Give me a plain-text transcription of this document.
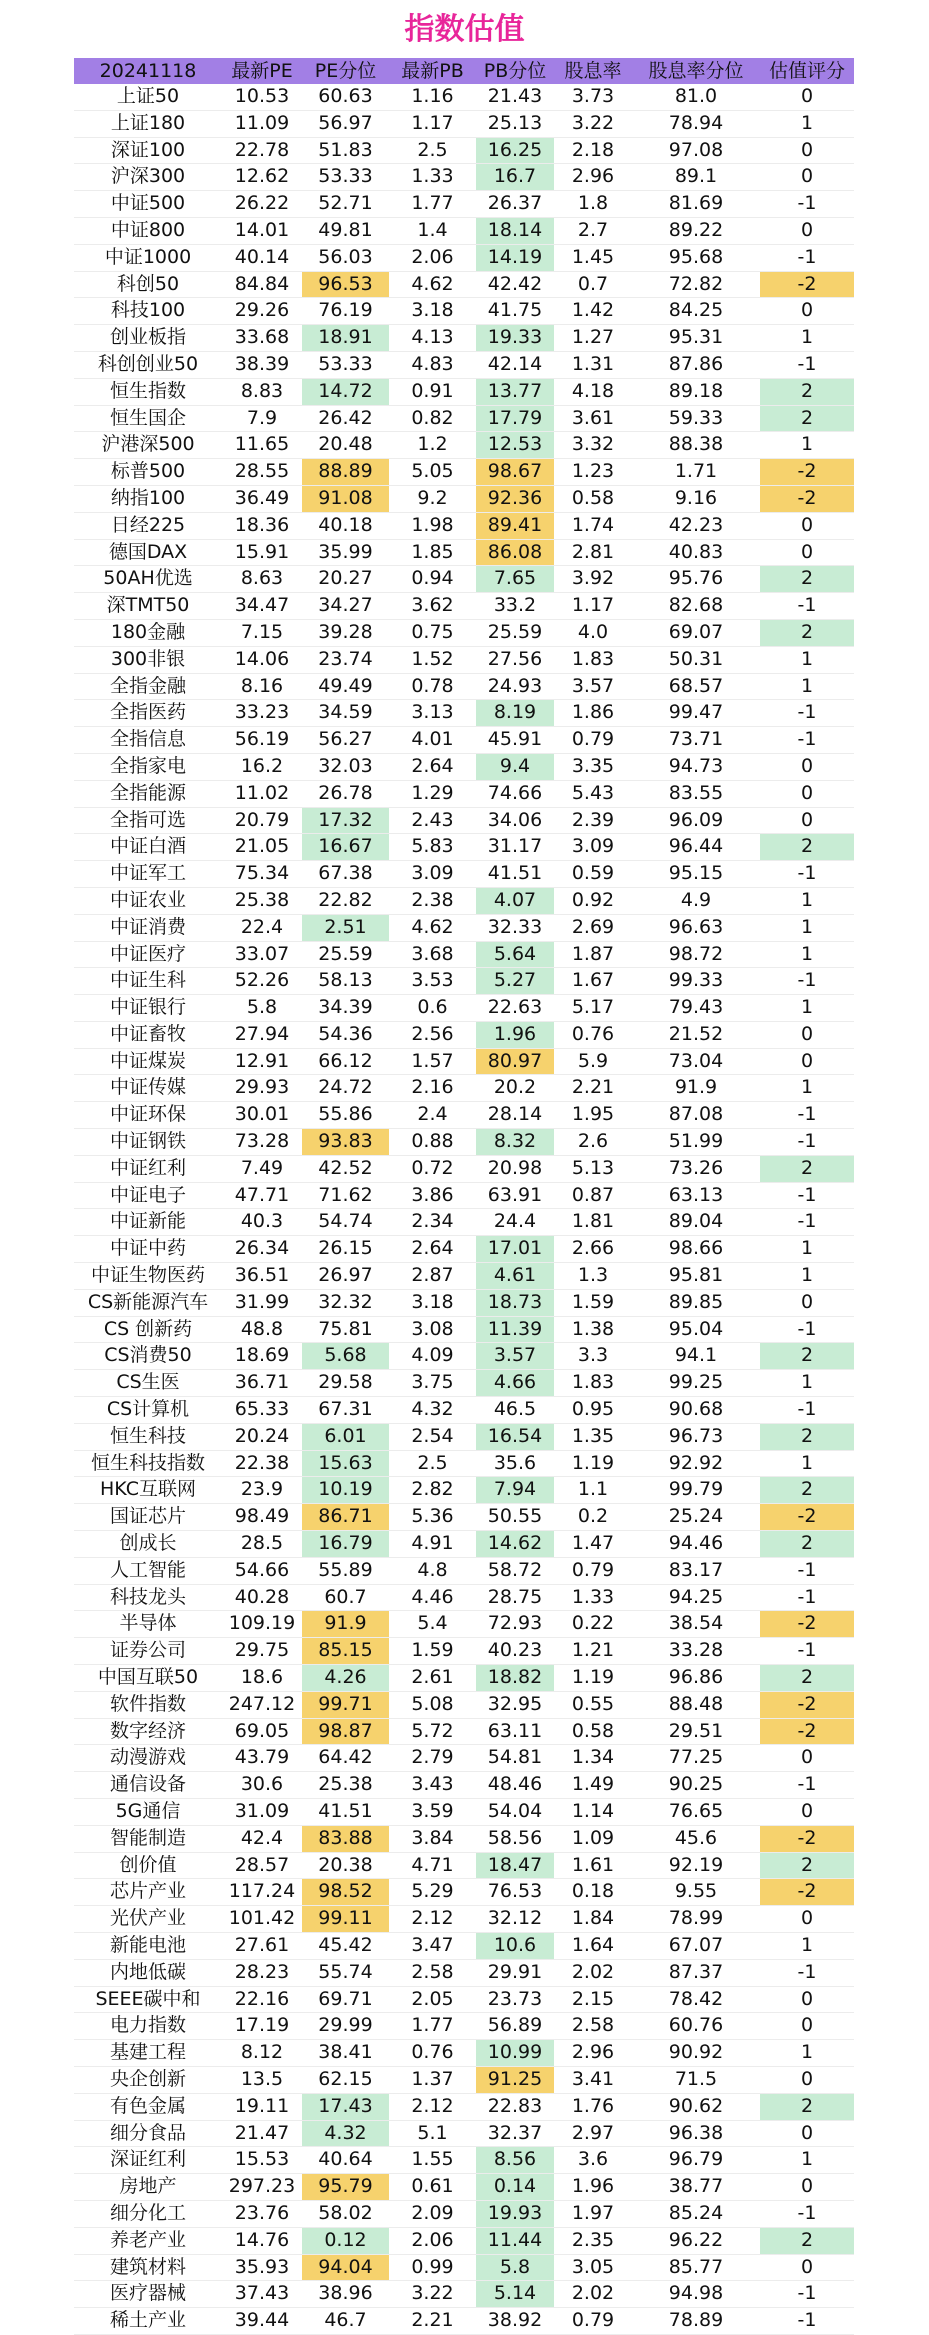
指数估值
20241118	最新PE	PE分位	最新PB	PB分位	股息率	股息率分位	估值评分
上证50	10.53	60.63	1.16	21.43	3.73	81.0	0
上证180	11.09	56.97	1.17	25.13	3.22	78.94	1
深证100	22.78	51.83	2.5	16.25	2.18	97.08	0
沪深300	12.62	53.33	1.33	16.7	2.96	89.1	0
中证500	26.22	52.71	1.77	26.37	1.8	81.69	-1
中证800	14.01	49.81	1.4	18.14	2.7	89.22	0
中证1000	40.14	56.03	2.06	14.19	1.45	95.68	-1
科创50	84.84	96.53	4.62	42.42	0.7	72.82	-2
科技100	29.26	76.19	3.18	41.75	1.42	84.25	0
创业板指	33.68	18.91	4.13	19.33	1.27	95.31	1
科创创业50	38.39	53.33	4.83	42.14	1.31	87.86	-1
恒生指数	8.83	14.72	0.91	13.77	4.18	89.18	2
恒生国企	7.9	26.42	0.82	17.79	3.61	59.33	2
沪港深500	11.65	20.48	1.2	12.53	3.32	88.38	1
标普500	28.55	88.89	5.05	98.67	1.23	1.71	-2
纳指100	36.49	91.08	9.2	92.36	0.58	9.16	-2
日经225	18.36	40.18	1.98	89.41	1.74	42.23	0
德国DAX	15.91	35.99	1.85	86.08	2.81	40.83	0
50AH优选	8.63	20.27	0.94	7.65	3.92	95.76	2
深TMT50	34.47	34.27	3.62	33.2	1.17	82.68	-1
180金融	7.15	39.28	0.75	25.59	4.0	69.07	2
300非银	14.06	23.74	1.52	27.56	1.83	50.31	1
全指金融	8.16	49.49	0.78	24.93	3.57	68.57	1
全指医药	33.23	34.59	3.13	8.19	1.86	99.47	-1
全指信息	56.19	56.27	4.01	45.91	0.79	73.71	-1
全指家电	16.2	32.03	2.64	9.4	3.35	94.73	0
全指能源	11.02	26.78	1.29	74.66	5.43	83.55	0
全指可选	20.79	17.32	2.43	34.06	2.39	96.09	0
中证白酒	21.05	16.67	5.83	31.17	3.09	96.44	2
中证军工	75.34	67.38	3.09	41.51	0.59	95.15	-1
中证农业	25.38	22.82	2.38	4.07	0.92	4.9	1
中证消费	22.4	2.51	4.62	32.33	2.69	96.63	1
中证医疗	33.07	25.59	3.68	5.64	1.87	98.72	1
中证生科	52.26	58.13	3.53	5.27	1.67	99.33	-1
中证银行	5.8	34.39	0.6	22.63	5.17	79.43	1
中证畜牧	27.94	54.36	2.56	1.96	0.76	21.52	0
中证煤炭	12.91	66.12	1.57	80.97	5.9	73.04	0
中证传媒	29.93	24.72	2.16	20.2	2.21	91.9	1
中证环保	30.01	55.86	2.4	28.14	1.95	87.08	-1
中证钢铁	73.28	93.83	0.88	8.32	2.6	51.99	-1
中证红利	7.49	42.52	0.72	20.98	5.13	73.26	2
中证电子	47.71	71.62	3.86	63.91	0.87	63.13	-1
中证新能	40.3	54.74	2.34	24.4	1.81	89.04	-1
中证中药	26.34	26.15	2.64	17.01	2.66	98.66	1
中证生物医药	36.51	26.97	2.87	4.61	1.3	95.81	1
CS新能源汽车	31.99	32.32	3.18	18.73	1.59	89.85	0
CS 创新药	48.8	75.81	3.08	11.39	1.38	95.04	-1
CS消费50	18.69	5.68	4.09	3.57	3.3	94.1	2
CS生医	36.71	29.58	3.75	4.66	1.83	99.25	1
CS计算机	65.33	67.31	4.32	46.5	0.95	90.68	-1
恒生科技	20.24	6.01	2.54	16.54	1.35	96.73	2
恒生科技指数	22.38	15.63	2.5	35.6	1.19	92.92	1
HKC互联网	23.9	10.19	2.82	7.94	1.1	99.79	2
国证芯片	98.49	86.71	5.36	50.55	0.2	25.24	-2
创成长	28.5	16.79	4.91	14.62	1.47	94.46	2
人工智能	54.66	55.89	4.8	58.72	0.79	83.17	-1
科技龙头	40.28	60.7	4.46	28.75	1.33	94.25	-1
半导体	109.19	91.9	5.4	72.93	0.22	38.54	-2
证券公司	29.75	85.15	1.59	40.23	1.21	33.28	-1
中国互联50	18.6	4.26	2.61	18.82	1.19	96.86	2
软件指数	247.12	99.71	5.08	32.95	0.55	88.48	-2
数字经济	69.05	98.87	5.72	63.11	0.58	29.51	-2
动漫游戏	43.79	64.42	2.79	54.81	1.34	77.25	0
通信设备	30.6	25.38	3.43	48.46	1.49	90.25	-1
5G通信	31.09	41.51	3.59	54.04	1.14	76.65	0
智能制造	42.4	83.88	3.84	58.56	1.09	45.6	-2
创价值	28.57	20.38	4.71	18.47	1.61	92.19	2
芯片产业	117.24	98.52	5.29	76.53	0.18	9.55	-2
光伏产业	101.42	99.11	2.12	32.12	1.84	78.99	0
新能电池	27.61	45.42	3.47	10.6	1.64	67.07	1
内地低碳	28.23	55.74	2.58	29.91	2.02	87.37	-1
SEEE碳中和	22.16	69.71	2.05	23.73	2.15	78.42	0
电力指数	17.19	29.99	1.77	56.89	2.58	60.76	0
基建工程	8.12	38.41	0.76	10.99	2.96	90.92	1
央企创新	13.5	62.15	1.37	91.25	3.41	71.5	0
有色金属	19.11	17.43	2.12	22.83	1.76	90.62	2
细分食品	21.47	4.32	5.1	32.37	2.97	96.38	0
深证红利	15.53	40.64	1.55	8.56	3.6	96.79	1
房地产	297.23	95.79	0.61	0.14	1.96	38.77	0
细分化工	23.76	58.02	2.09	19.93	1.97	85.24	-1
养老产业	14.76	0.12	2.06	11.44	2.35	96.22	2
建筑材料	35.93	94.04	0.99	5.8	3.05	85.77	0
医疗器械	37.43	38.96	3.22	5.14	2.02	94.98	-1
稀土产业	39.44	46.7	2.21	38.92	0.79	78.89	-1
